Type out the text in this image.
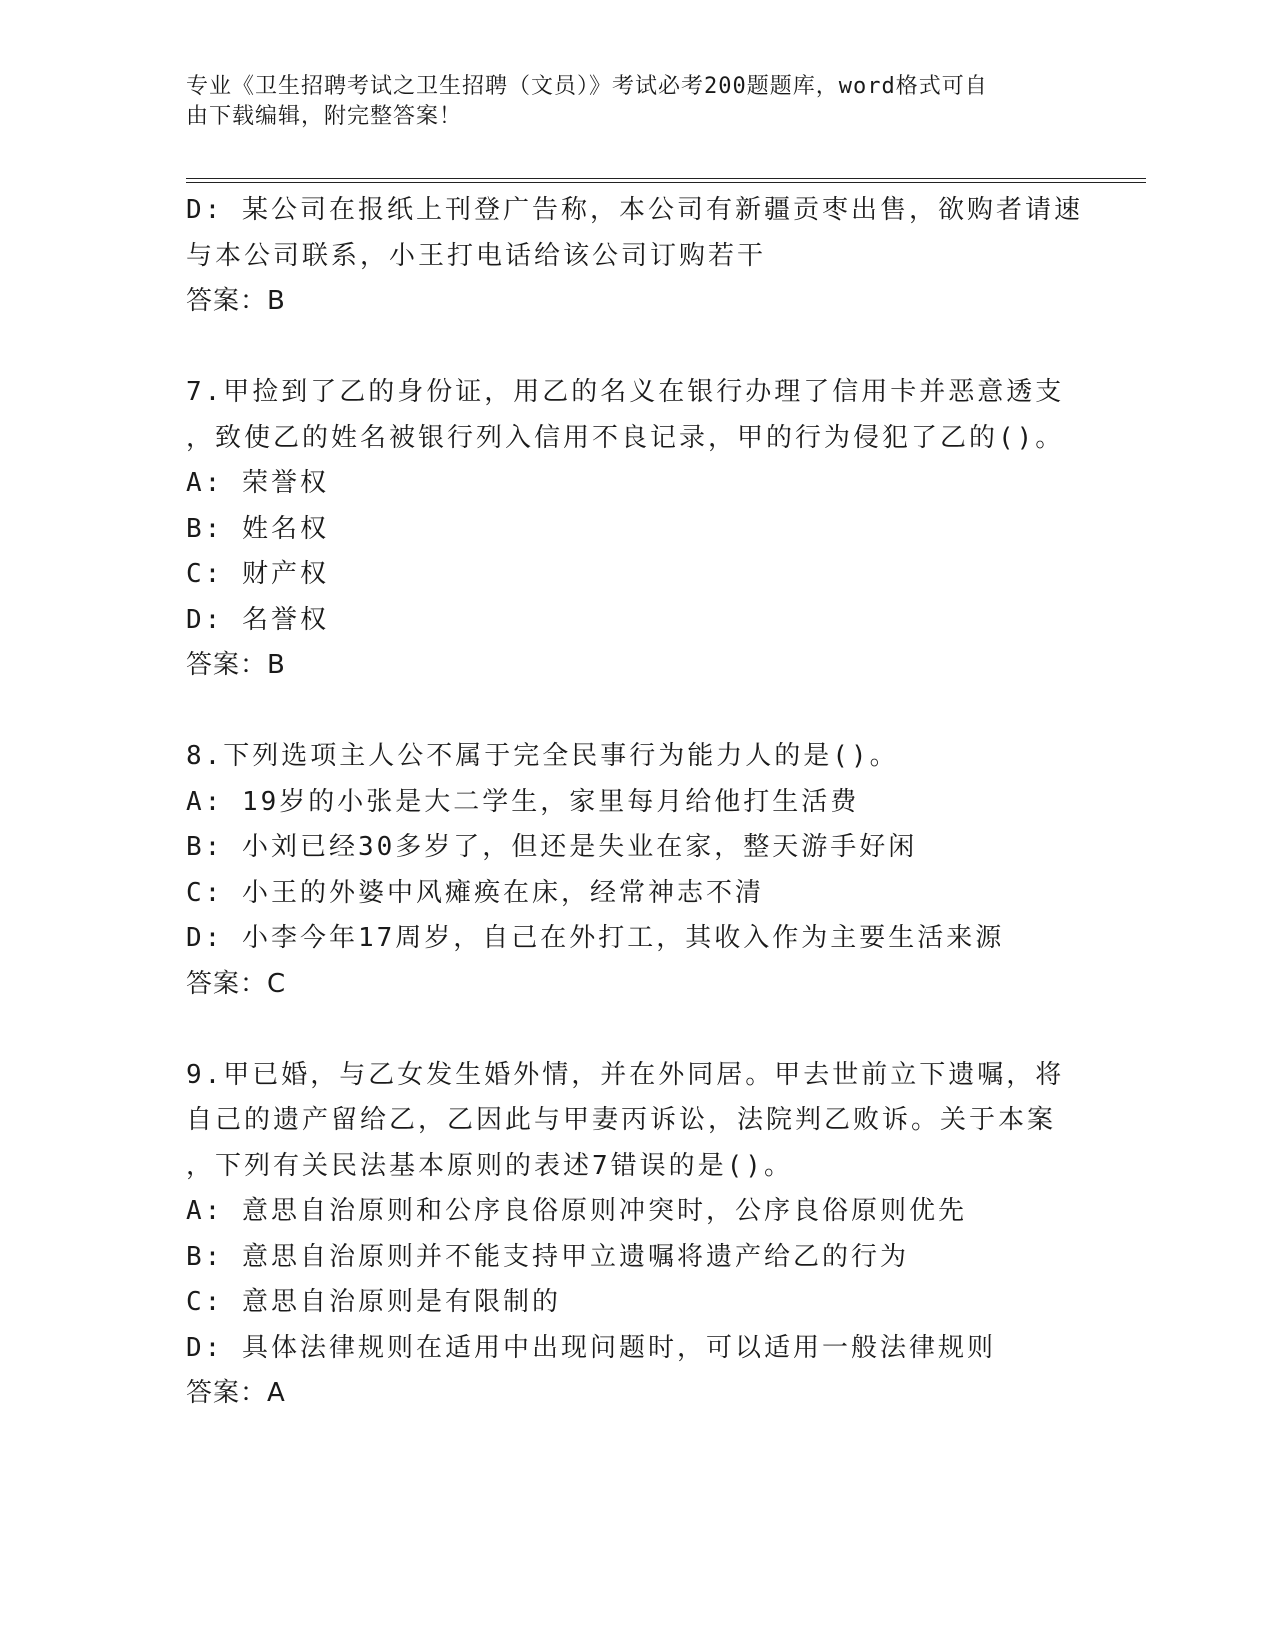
专业《卫生招聘考试之卫生招聘（文员）》考试必考200题题库，word格式可自
由下载编辑，附完整答案！
D: 某公司在报纸上刊登广告称，本公司有新疆贡枣出售，欲购者请速
与本公司联系，小王打电话给该公司订购若干
答案：B
7.甲捡到了乙的身份证，用乙的名义在银行办理了信用卡并恶意透支
，致使乙的姓名被银行列入信用不良记录，甲的行为侵犯了乙的()。
A: 荣誉权
B: 姓名权
C: 财产权
D: 名誉权
答案：B
8.下列选项主人公不属于完全民事行为能力人的是()。
A: 19岁的小张是大二学生，家里每月给他打生活费
B: 小刘已经30多岁了，但还是失业在家，整天游手好闲
C: 小王的外婆中风瘫痪在床，经常神志不清
D: 小李今年17周岁，自己在外打工，其收入作为主要生活来源
答案：C
9.甲已婚，与乙女发生婚外情，并在外同居。甲去世前立下遗嘱，将
自己的遗产留给乙，乙因此与甲妻丙诉讼，法院判乙败诉。关于本案
，下列有关民法基本原则的表述7错误的是()。
A: 意思自治原则和公序良俗原则冲突时，公序良俗原则优先
B: 意思自治原则并不能支持甲立遗嘱将遗产给乙的行为
C: 意思自治原则是有限制的
D: 具体法律规则在适用中出现问题时，可以适用一般法律规则
答案：A
